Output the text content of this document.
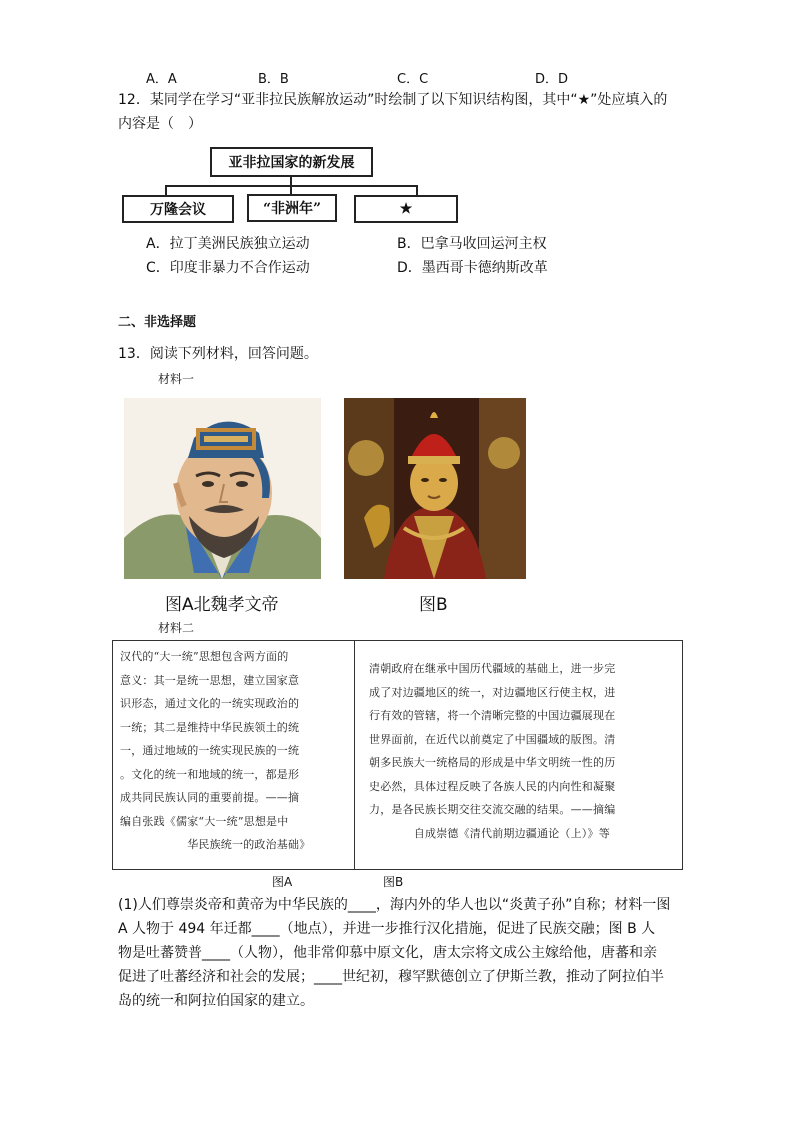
A．A	B．B	C．C	D．D
12．某同学在学习“亚非拉民族解放运动”时绘制了以下知识结构图，其中“★”处应填入的
内容是（　）
亚非拉国家的新发展
万隆会议	“非洲年”	★
A．拉丁美洲民族独立运动	B．巴拿马收回运河主权
C．印度非暴力不合作运动	D．墨西哥卡德纳斯改革
二、非选择题
13．阅读下列材料，回答问题。
材料一
图A北魏孝文帝	图B
材料二
汉代的“大一统”思想包含两方面的
意义：其一是统一思想，建立国家意
识形态，通过文化的一统实现政治的
一统；其二是维持中华民族领土的统
一，通过地域的一统实现民族的一统
。文化的统一和地域的统一，都是形
成共同民族认同的重要前提。——摘
编自张践《儒家“大一统”思想是中
　　　　　　华民族统一的政治基础》
清朝政府在继承中国历代疆域的基础上，进一步完
成了对边疆地区的统一，对边疆地区行使主权，进
行有效的管辖，将一个清晰完整的中国边疆展现在
世界面前，在近代以前奠定了中国疆域的版图。清
朝多民族大一统格局的形成是中华文明统一性的历
史必然，具体过程反映了各族人民的内向性和凝聚
力，是各民族长期交往交流交融的结果。——摘编
　　　　自成崇德《清代前期边疆通论（上）》等
图A	图B
(1)人们尊崇炎帝和黄帝为中华民族的____，海内外的华人也以“炎黄子孙”自称；材料一图
A 人物于 494 年迁都____（地点），并进一步推行汉化措施，促进了民族交融；图 B 人
物是吐蕃赞普____（人物），他非常仰慕中原文化，唐太宗将文成公主嫁给他，唐蕃和亲
促进了吐蕃经济和社会的发展；____世纪初，穆罕默德创立了伊斯兰教，推动了阿拉伯半
岛的统一和阿拉伯国家的建立。
